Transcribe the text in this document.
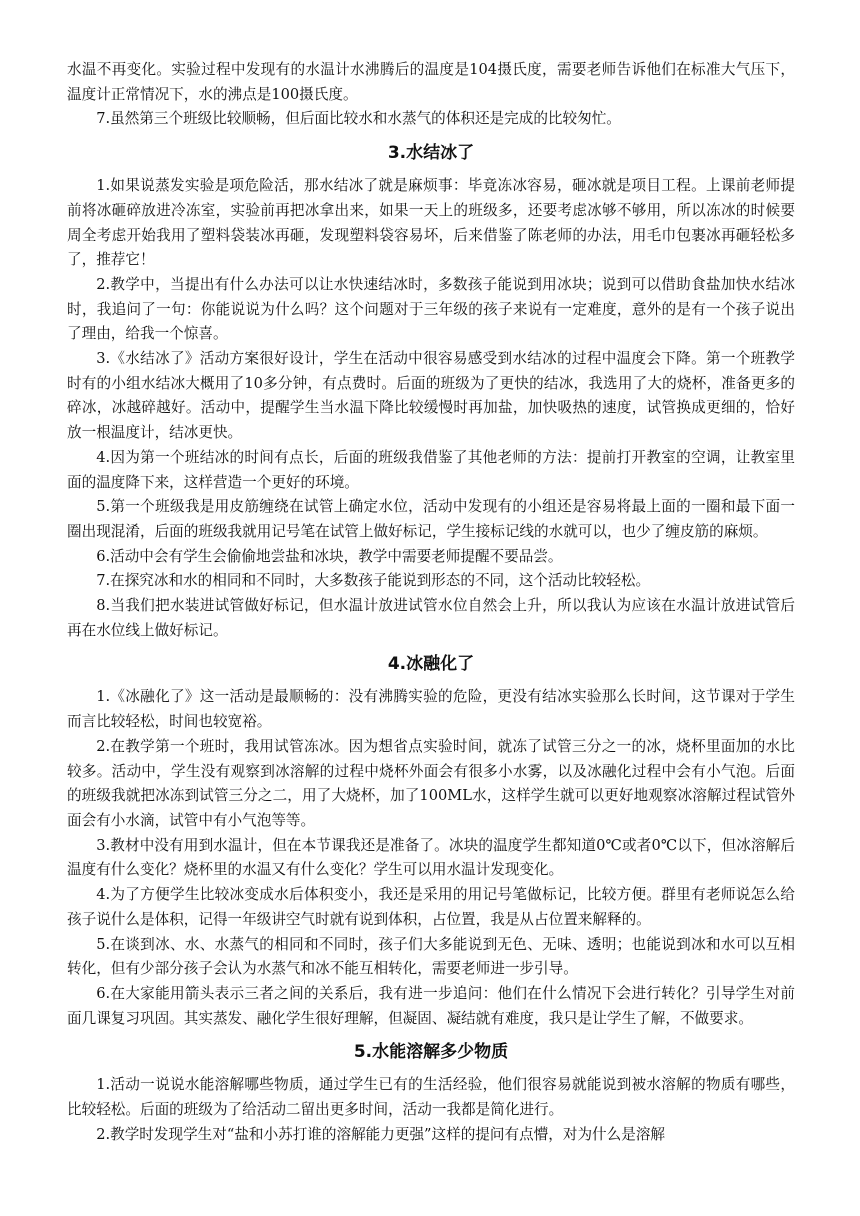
水温不再变化。实验过程中发现有的水温计水沸腾后的温度是104摄氏度，需要老师告诉他们在标准大气压下，温度计正常情况下，水的沸点是100摄氏度。

7.虽然第三个班级比较顺畅，但后面比较水和水蒸气的体积还是完成的比较匆忙。

3.水结冰了

1.如果说蒸发实验是项危险活，那水结冰了就是麻烦事：毕竟冻冰容易，砸冰就是项目工程。上课前老师提前将冰砸碎放进冷冻室，实验前再把冰拿出来，如果一天上的班级多，还要考虑冰够不够用，所以冻冰的时候要周全考虑开始我用了塑料袋装冰再砸，发现塑料袋容易坏，后来借鉴了陈老师的办法，用毛巾包裹冰再砸轻松多了，推荐它！

2.教学中，当提出有什么办法可以让水快速结冰时，多数孩子能说到用冰块；说到可以借助食盐加快水结冰时，我追问了一句：你能说说为什么吗？这个问题对于三年级的孩子来说有一定难度，意外的是有一个孩子说出了理由，给我一个惊喜。

3.《水结冰了》活动方案很好设计，学生在活动中很容易感受到水结冰的过程中温度会下降。第一个班教学时有的小组水结冰大概用了10多分钟，有点费时。后面的班级为了更快的结冰，我选用了大的烧杯，准备更多的碎冰，冰越碎越好。活动中，提醒学生当水温下降比较缓慢时再加盐，加快吸热的速度，试管换成更细的，恰好放一根温度计，结冰更快。

4.因为第一个班结冰的时间有点长，后面的班级我借鉴了其他老师的方法：提前打开教室的空调，让教室里面的温度降下来，这样营造一个更好的环境。

5.第一个班级我是用皮筋缠绕在试管上确定水位，活动中发现有的小组还是容易将最上面的一圈和最下面一圈出现混淆，后面的班级我就用记号笔在试管上做好标记，学生接标记线的水就可以，也少了缠皮筋的麻烦。

6.活动中会有学生会偷偷地尝盐和冰块，教学中需要老师提醒不要品尝。

7.在探究冰和水的相同和不同时，大多数孩子能说到形态的不同，这个活动比较轻松。

8.当我们把水装进试管做好标记，但水温计放进试管水位自然会上升，所以我认为应该在水温计放进试管后再在水位线上做好标记。

4.冰融化了

1.《冰融化了》这一活动是最顺畅的：没有沸腾实验的危险，更没有结冰实验那么长时间，这节课对于学生而言比较轻松，时间也较宽裕。

2.在教学第一个班时，我用试管冻冰。因为想省点实验时间，就冻了试管三分之一的冰，烧杯里面加的水比较多。活动中，学生没有观察到冰溶解的过程中烧杯外面会有很多小水雾，以及冰融化过程中会有小气泡。后面的班级我就把冰冻到试管三分之二，用了大烧杯，加了100ML水，这样学生就可以更好地观察冰溶解过程试管外面会有小水滴，试管中有小气泡等等。

3.教材中没有用到水温计，但在本节课我还是准备了。冰块的温度学生都知道0℃或者0℃以下，但冰溶解后温度有什么变化？烧杯里的水温又有什么变化？学生可以用水温计发现变化。

4.为了方便学生比较冰变成水后体积变小，我还是采用的用记号笔做标记，比较方便。群里有老师说怎么给孩子说什么是体积，记得一年级讲空气时就有说到体积，占位置，我是从占位置来解释的。

5.在谈到冰、水、水蒸气的相同和不同时，孩子们大多能说到无色、无味、透明；也能说到冰和水可以互相转化，但有少部分孩子会认为水蒸气和冰不能互相转化，需要老师进一步引导。

6.在大家能用箭头表示三者之间的关系后，我有进一步追问：他们在什么情况下会进行转化？引导学生对前面几课复习巩固。其实蒸发、融化学生很好理解，但凝固、凝结就有难度，我只是让学生了解，不做要求。

5.水能溶解多少物质

1.活动一说说水能溶解哪些物质，通过学生已有的生活经验，他们很容易就能说到被水溶解的物质有哪些，比较轻松。后面的班级为了给活动二留出更多时间，活动一我都是简化进行。

2.教学时发现学生对“盐和小苏打谁的溶解能力更强”这样的提问有点懵，对为什么是溶解
